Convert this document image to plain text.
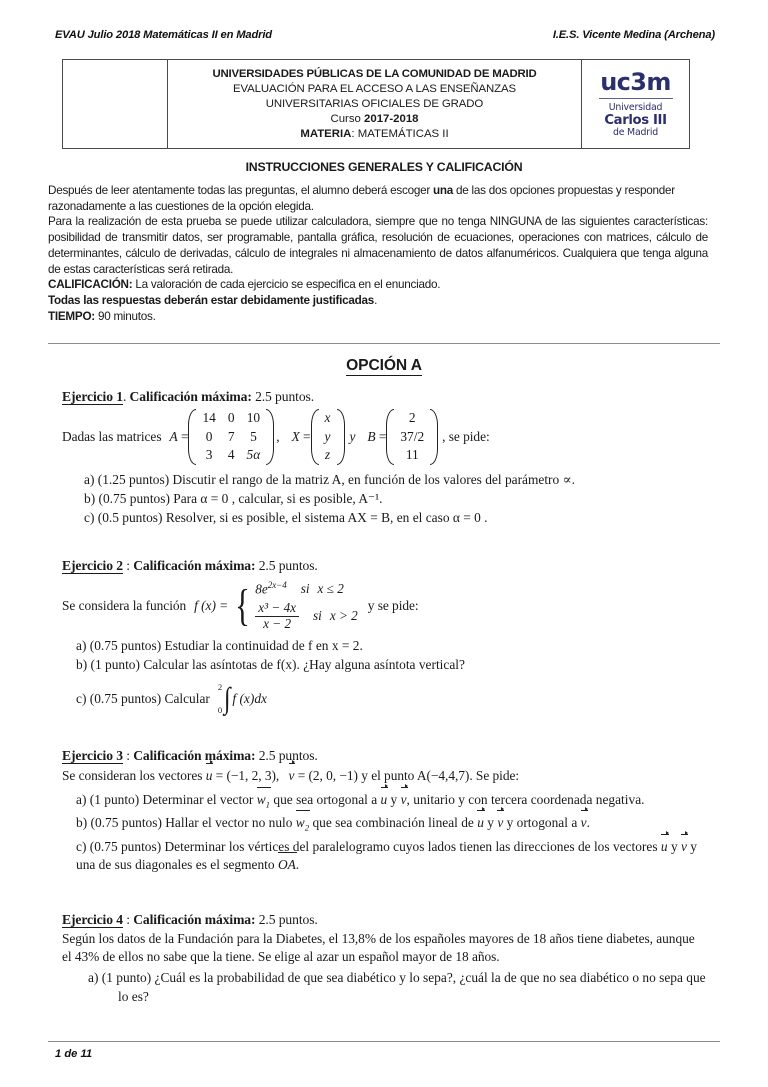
EVAU Julio 2018 Matemáticas II en Madrid	I.E.S. Vicente Medina (Archena)
UNIVERSIDADES PÚBLICAS DE LA COMUNIDAD DE MADRID
EVALUACIÓN PARA EL ACCESO A LAS ENSEÑANZAS
UNIVERSITARIAS OFICIALES DE GRADO
Curso 2017-2018
MATERIA: MATEMÁTICAS II
uc3m
Universidad
Carlos III
de Madrid
INSTRUCCIONES GENERALES Y CALIFICACIÓN

Después de leer atentamente todas las preguntas, el alumno deberá escoger una de las dos opciones propuestas y responder razonadamente a las cuestiones de la opción elegida.

Para la realización de esta prueba se puede utilizar calculadora, siempre que no tenga NINGUNA de las siguientes características: posibilidad de transmitir datos, ser programable, pantalla gráfica, resolución de ecuaciones, operaciones con matrices, cálculo de determinantes, cálculo de derivadas, cálculo de integrales ni almacenamiento de datos alfanuméricos. Cualquiera que tenga alguna de estas características será retirada.

CALIFICACIÓN: La valoración de cada ejercicio se especifica en el enunciado.

Todas las respuestas deberán estar debidamente justificadas.

TIEMPO: 90 minutos.

OPCIÓN A
Ejercicio 1. Calificación máxima: 2.5 puntos.
Dadas las matrices A =
14	0	10
0	7	5
3	4	5α
, X =
x
y
z
y B =
2
37/2
11
, se pide:
a) (1.25 puntos) Discutir el rango de la matriz A, en función de los valores del parámetro ∝.
b) (0.75 puntos) Para α = 0 , calcular, si es posible, A⁻¹.
c) (0.5 puntos) Resolver, si es posible, el sistema AX = B, en el caso α = 0 .
Ejercicio 2 : Calificación máxima: 2.5 puntos.
Se considera la función f (x) = { $8e^{2x-4}$ si x ≤ 2
$\frac{\text{x³ − 4x}}{x - 2}$ si x > 2
y se pide:
a) (0.75 puntos) Estudiar la continuidad de f en x = 2.
b) (1 punto) Calcular las asíntotas de f(x). ¿Hay alguna asíntota vertical?
c) (0.75 puntos) Calcular
2
0 ∫ f (x)dx
Ejercicio 3 : Calificación máxima: 2.5 puntos.
Se consideran los vectores u = (−1, 2, 3), v = (2, 0, −1) y el punto A(−4,4,7). Se pide:
a) (1 punto) Determinar el vector $w_1$ que sea ortogonal a u y v, unitario y con tercera coordenada negativa.
b) (0.75 puntos) Hallar el vector no nulo $w_2$ que sea combinación lineal de u y v y ortogonal a v.
c) (0.75 puntos) Determinar los vértices del paralelogramo cuyos lados tienen las direcciones de los vectores u y v y una de sus diagonales es el segmento OA.
Ejercicio 4 : Calificación máxima: 2.5 puntos.
Según los datos de la Fundación para la Diabetes, el 13,8% de los españoles mayores de 18 años tiene diabetes, aunque el 43% de ellos no sabe que la tiene. Se elige al azar un español mayor de 18 años.
a) (1 punto) ¿Cuál es la probabilidad de que sea diabético y lo sepa?, ¿cuál la de que no sea diabético o no sepa que lo es?
1 de 11
